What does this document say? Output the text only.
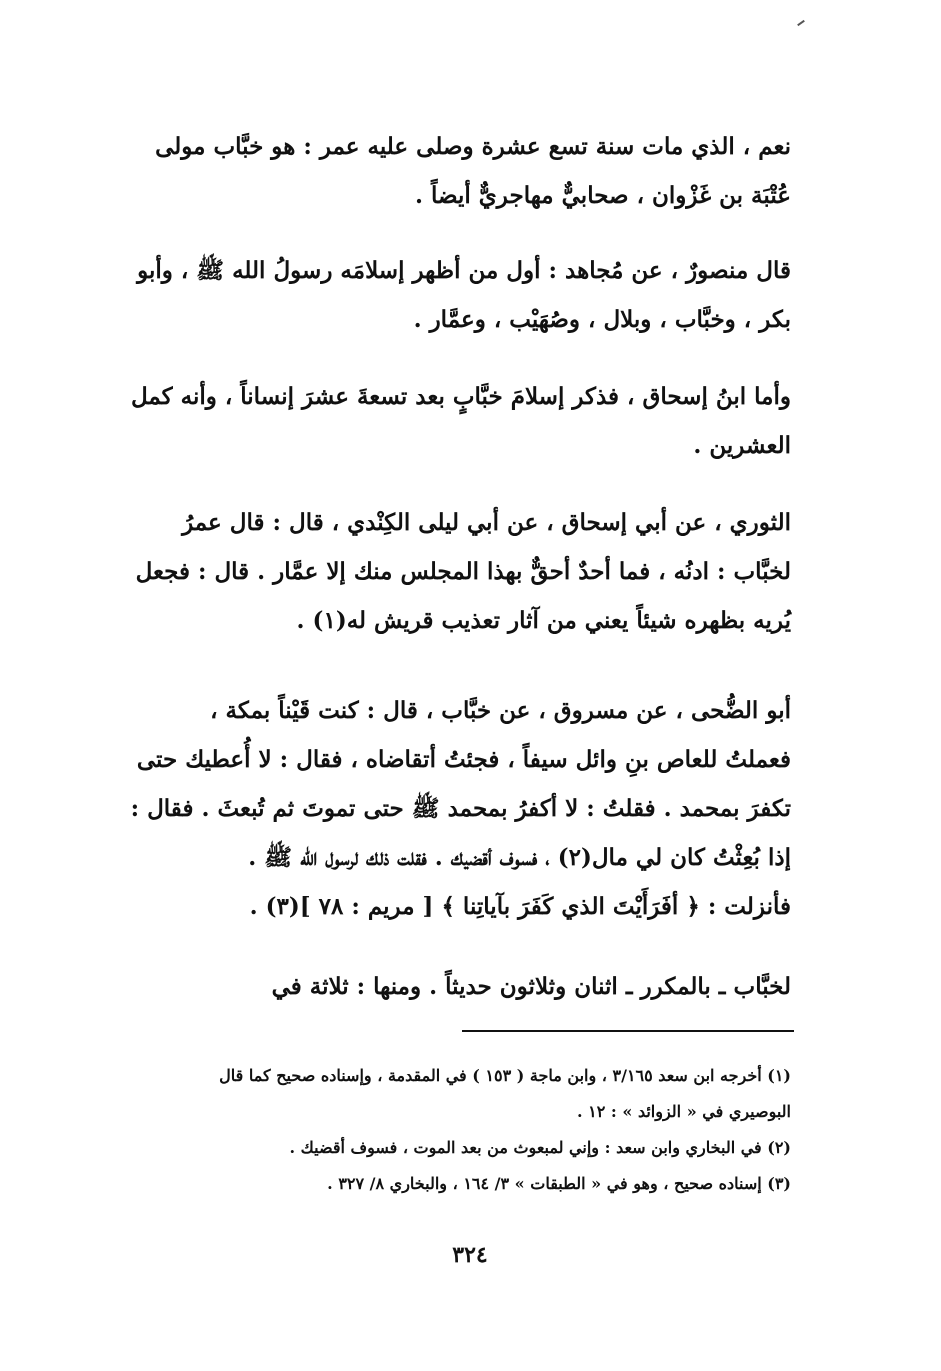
نعم ، الذي مات سنة تسع عشرة وصلى عليه عمر : هو خبَّاب مولى
عُتْبَة بن غَزْوان ، صحابيٌّ مهاجريٌّ أيضاً .

قال منصورٌ ، عن مُجاهد : أول من أظهر إسلامَه رسولُ الله ﷺ ، وأبو
بكر ، وخبَّاب ، وبلال ، وصُهَيْب ، وعمَّار .

وأما ابنُ إسحاق ، فذكر إسلامَ خبَّابٍ بعد تسعةَ عشرَ إنساناً ، وأنه كمل
العشرين .

الثوري ، عن أبي إسحاق ، عن أبي ليلى الكِنْدي ، قال : قال عمرُ
لخبَّاب : ادنُه ، فما أحدٌ أحقٌّ بهذا المجلس منك إلا عمَّار . قال : فجعل
يُريه بظهره شيئاً يعني من آثار تعذيب قريش له(١) .

أبو الضُّحى ، عن مسروق ، عن خبَّاب ، قال : كنت قَيْناً بمكة ،
فعملتُ للعاص بنِ وائل سيفاً ، فجئتُ أتقاضاه ، فقال : لا أُعطيك حتى
تكفرَ بمحمد . فقلتُ : لا أكفرُ بمحمد ﷺ حتى تموتَ ثم تُبعثَ . فقال :
إذا بُعِثْتُ كان لي مال(٢) ، فسوف أقضيك . فقلت ذلك لرسول الله ﷺ .
فأنزلت : ﴿ أفَرَأَيْتَ الذي كَفَرَ بآياتِنا ﴾ [ مريم : ٧٨ ](٣) .

لخبَّاب ـ بالمكرر ـ اثنان وثلاثون حديثاً . ومنها : ثلاثة في

(١) أخرجه ابن سعد ٣/١٦٥ ، وابن ماجة ( ١٥٣ ) في المقدمة ، وإسناده صحيح كما قال
البوصيري في « الزوائد » : ١٢ .
(٢) في البخاري وابن سعد : وإني لمبعوث من بعد الموت ، فسوف أقضيك .
(٣) إسناده صحيح ، وهو في « الطبقات » ٣/ ١٦٤ ، والبخاري ٨/ ٣٢٧ .
٣٢٤
